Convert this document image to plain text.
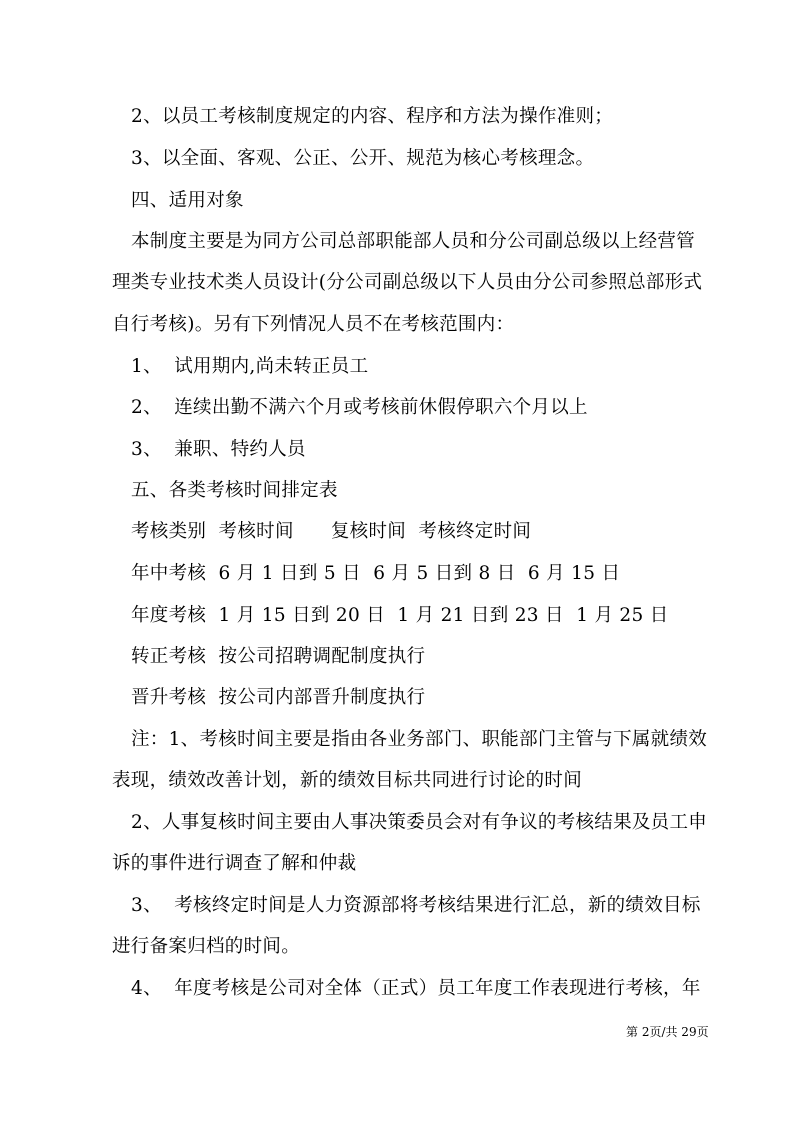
2、以员工考核制度规定的内容、程序和方法为操作准则；
3、以全面、客观、公正、公开、规范为核心考核理念。
四、适用对象
本制度主要是为同方公司总部职能部人员和分公司副总级以上经营管
理类专业技术类人员设计(分公司副总级以下人员由分公司参照总部形式
自行考核)。另有下列情况人员不在考核范围内：
1、  试用期内,尚未转正员工
2、  连续出勤不满六个月或考核前休假停职六个月以上
3、  兼职、特约人员
五、各类考核时间排定表
考核类别  考核时间      复核时间  考核终定时间
年中考核  6 月 1 日到 5 日  6 月 5 日到 8 日  6 月 15 日
年度考核  1 月 15 日到 20 日  1 月 21 日到 23 日  1 月 25 日
转正考核  按公司招聘调配制度执行
晋升考核  按公司内部晋升制度执行
注：1、考核时间主要是指由各业务部门、职能部门主管与下属就绩效
表现，绩效改善计划，新的绩效目标共同进行讨论的时间
2、人事复核时间主要由人事决策委员会对有争议的考核结果及员工申
诉的事件进行调查了解和仲裁
3、  考核终定时间是人力资源部将考核结果进行汇总，新的绩效目标
进行备案归档的时间。
4、  年度考核是公司对全体（正式）员工年度工作表现进行考核，年
第 2页/共 29页
